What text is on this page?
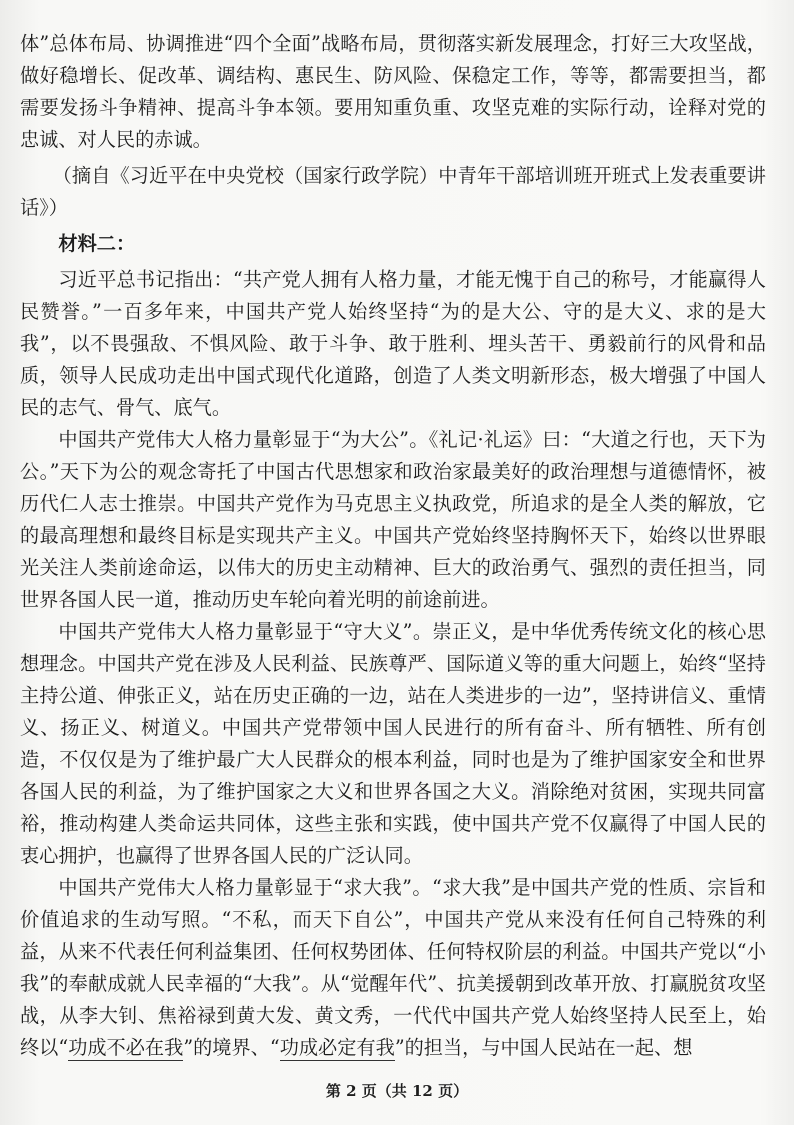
体”总体布局、协调推进“四个全面”战略布局，贯彻落实新发展理念，打好三大攻坚战，做好稳增长、促改革、调结构、惠民生、防风险、保稳定工作，等等，都需要担当，都需要发扬斗争精神、提高斗争本领。要用知重负重、攻坚克难的实际行动，诠释对党的忠诚、对人民的赤诚。

（摘自《习近平在中央党校（国家行政学院）中青年干部培训班开班式上发表重要讲话》）

材料二：

习近平总书记指出：“共产党人拥有人格力量，才能无愧于自己的称号，才能赢得人民赞誉。”一百多年来，中国共产党人始终坚持“为的是大公、守的是大义、求的是大我”，以不畏强敌、不惧风险、敢于斗争、敢于胜利、埋头苦干、勇毅前行的风骨和品质，领导人民成功走出中国式现代化道路，创造了人类文明新形态，极大增强了中国人民的志气、骨气、底气。

中国共产党伟大人格力量彰显于“为大公”。《礼记·礼运》曰：“大道之行也，天下为公。”天下为公的观念寄托了中国古代思想家和政治家最美好的政治理想与道德情怀，被历代仁人志士推崇。中国共产党作为马克思主义执政党，所追求的是全人类的解放，它的最高理想和最终目标是实现共产主义。中国共产党始终坚持胸怀天下，始终以世界眼光关注人类前途命运，以伟大的历史主动精神、巨大的政治勇气、强烈的责任担当，同世界各国人民一道，推动历史车轮向着光明的前途前进。

中国共产党伟大人格力量彰显于“守大义”。崇正义，是中华优秀传统文化的核心思想理念。中国共产党在涉及人民利益、民族尊严、国际道义等的重大问题上，始终“坚持主持公道、伸张正义，站在历史正确的一边，站在人类进步的一边”，坚持讲信义、重情义、扬正义、树道义。中国共产党带领中国人民进行的所有奋斗、所有牺牲、所有创造，不仅仅是为了维护最广大人民群众的根本利益，同时也是为了维护国家安全和世界各国人民的利益，为了维护国家之大义和世界各国之大义。消除绝对贫困，实现共同富裕，推动构建人类命运共同体，这些主张和实践，使中国共产党不仅赢得了中国人民的衷心拥护，也赢得了世界各国人民的广泛认同。

中国共产党伟大人格力量彰显于“求大我”。“求大我”是中国共产党的性质、宗旨和价值追求的生动写照。“不私，而天下自公”，中国共产党从来没有任何自己特殊的利益，从来不代表任何利益集团、任何权势团体、任何特权阶层的利益。中国共产党以“小我”的奉献成就人民幸福的“大我”。从“觉醒年代”、抗美援朝到改革开放、打赢脱贫攻坚战，从李大钊、焦裕禄到黄大发、黄文秀，一代代中国共产党人始终坚持人民至上，始终以“功成不必在我”的境界、“功成必定有我”的担当，与中国人民站在一起、想

第 2 页（共 12 页）
